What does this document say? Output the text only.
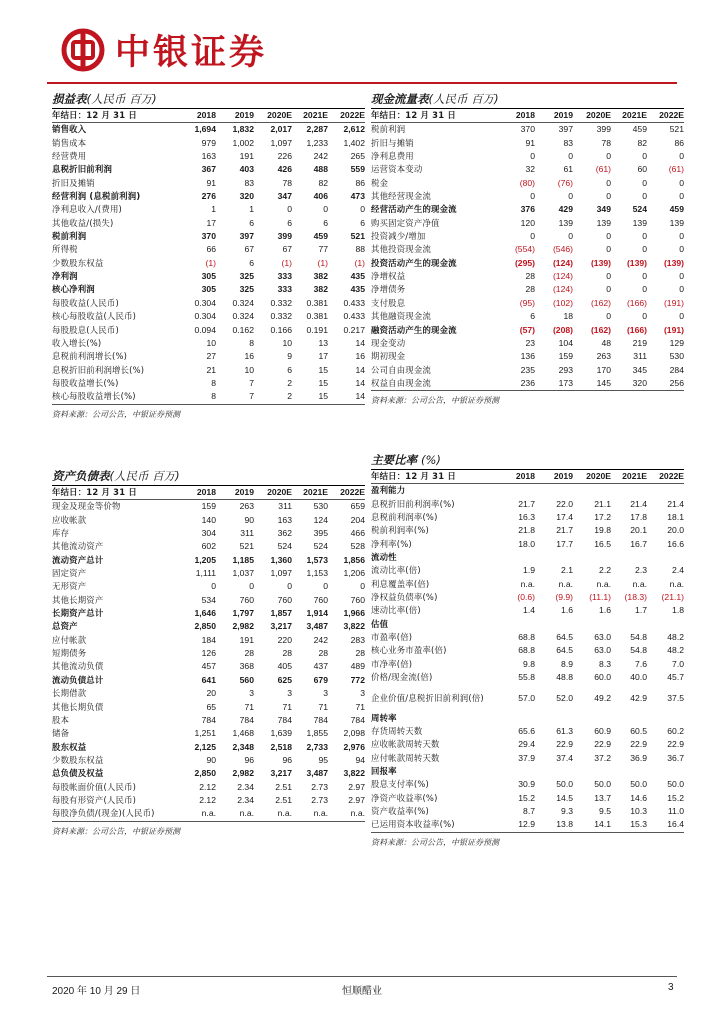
中银证券
损益表(人民币 百万)
年结日：12 月 31 日	2018	2019	2020E	2021E	2022E
销售收入	1,694	1,832	2,017	2,287	2,612
销售成本	979	1,002	1,097	1,233	1,402
经营费用	163	191	226	242	265
息税折旧前利润	367	403	426	488	559
折旧及摊销	91	83	78	82	86
经营利润 (息税前利润)	276	320	347	406	473
净利息收入/(费用)	1	1	0	0	0
其他收益/(损失)	17	6	6	6	6
税前利润	370	397	399	459	521
所得税	66	67	67	77	88
少数股东权益	(1)	6	(1)	(1)	(1)
净利润	305	325	333	382	435
核心净利润	305	325	333	382	435
每股收益(人民币)	0.304	0.324	0.332	0.381	0.433
核心每股收益(人民币)	0.304	0.324	0.332	0.381	0.433
每股股息(人民币)	0.094	0.162	0.166	0.191	0.217
收入增长(%)	10	8	10	13	14
息税前利润增长(%)	27	16	9	17	16
息税折旧前利润增长(%)	21	10	6	15	14
每股收益增长(%)	8	7	2	15	14
核心每股收益增长(%)	8	7	2	15	14
资料来源：公司公告，中银证券预测
资产负债表(人民币 百万)
年结日：12 月 31 日	2018	2019	2020E	2021E	2022E
现金及现金等价物	159	263	311	530	659
应收帐款	140	90	163	124	204
库存	304	311	362	395	466
其他流动资产	602	521	524	524	528
流动资产总计	1,205	1,185	1,360	1,573	1,856
固定资产	1,111	1,037	1,097	1,153	1,206
无形资产	0	0	0	0	0
其他长期资产	534	760	760	760	760
长期资产总计	1,646	1,797	1,857	1,914	1,966
总资产	2,850	2,982	3,217	3,487	3,822
应付帐款	184	191	220	242	283
短期债务	126	28	28	28	28
其他流动负债	457	368	405	437	489
流动负债总计	641	560	625	679	772
长期借款	20	3	3	3	3
其他长期负债	65	71	71	71	71
股本	784	784	784	784	784
储备	1,251	1,468	1,639	1,855	2,098
股东权益	2,125	2,348	2,518	2,733	2,976
少数股东权益	90	96	96	95	94
总负债及权益	2,850	2,982	3,217	3,487	3,822
每股帐面价值(人民币)	2.12	2.34	2.51	2.73	2.97
每股有形资产(人民币)	2.12	2.34	2.51	2.73	2.97
每股净负债/(现金)(人民币)	n.a.	n.a.	n.a.	n.a.	n.a.
资料来源：公司公告，中银证券预测
现金流量表(人民币 百万)
年结日：12 月 31 日	2018	2019	2020E	2021E	2022E
税前利润	370	397	399	459	521
折旧与摊销	91	83	78	82	86
净利息费用	0	0	0	0	0
运营资本变动	32	61	(61)	60	(61)
税金	(80)	(76)	0	0	0
其他经营现金流	0	0	0	0	0
经营活动产生的现金流	376	429	349	524	459
购买固定资产净值	120	139	139	139	139
投资减少/增加	0	0	0	0	0
其他投资现金流	(554)	(546)	0	0	0
投资活动产生的现金流	(295)	(124)	(139)	(139)	(139)
净增权益	28	(124)	0	0	0
净增债务	28	(124)	0	0	0
支付股息	(95)	(102)	(162)	(166)	(191)
其他融资现金流	6	18	0	0	0
融资活动产生的现金流	(57)	(208)	(162)	(166)	(191)
现金变动	23	104	48	219	129
期初现金	136	159	263	311	530
公司自由现金流	235	293	170	345	284
权益自由现金流	236	173	145	320	256
资料来源：公司公告，中银证券预测
主要比率 (%)
年结日：12 月 31 日	2018	2019	2020E	2021E	2022E
盈利能力					
息税折旧前利润率(%)	21.7	22.0	21.1	21.4	21.4
息税前利润率(%)	16.3	17.4	17.2	17.8	18.1
税前利润率(%)	21.8	21.7	19.8	20.1	20.0
净利率(%)	18.0	17.7	16.5	16.7	16.6
流动性					
流动比率(倍)	1.9	2.1	2.2	2.3	2.4
利息覆盖率(倍)	n.a.	n.a.	n.a.	n.a.	n.a.
净权益负债率(%)	(0.6)	(9.9)	(11.1)	(18.3)	(21.1)
速动比率(倍)	1.4	1.6	1.6	1.7	1.8
估值					
市盈率(倍)	68.8	64.5	63.0	54.8	48.2
核心业务市盈率(倍)	68.8	64.5	63.0	54.8	48.2
市净率(倍)	9.8	8.9	8.3	7.6	7.0
价格/现金流(倍)	55.8	48.8	60.0	40.0	45.7
企业价值/息税折旧前利润(倍)	57.0	52.0	49.2	42.9	37.5
周转率					
存货周转天数	65.6	61.3	60.9	60.5	60.2
应收帐款周转天数	29.4	22.9	22.9	22.9	22.9
应付帐款周转天数	37.9	37.4	37.2	36.9	36.7
回报率					
股息支付率(%)	30.9	50.0	50.0	50.0	50.0
净资产收益率(%)	15.2	14.5	13.7	14.6	15.2
资产收益率(%)	8.7	9.3	9.5	10.3	11.0
已运用资本收益率(%)	12.9	13.8	14.1	15.3	16.4
资料来源：公司公告，中银证券预测
2020 年 10 月 29 日	恒顺醋业	3
